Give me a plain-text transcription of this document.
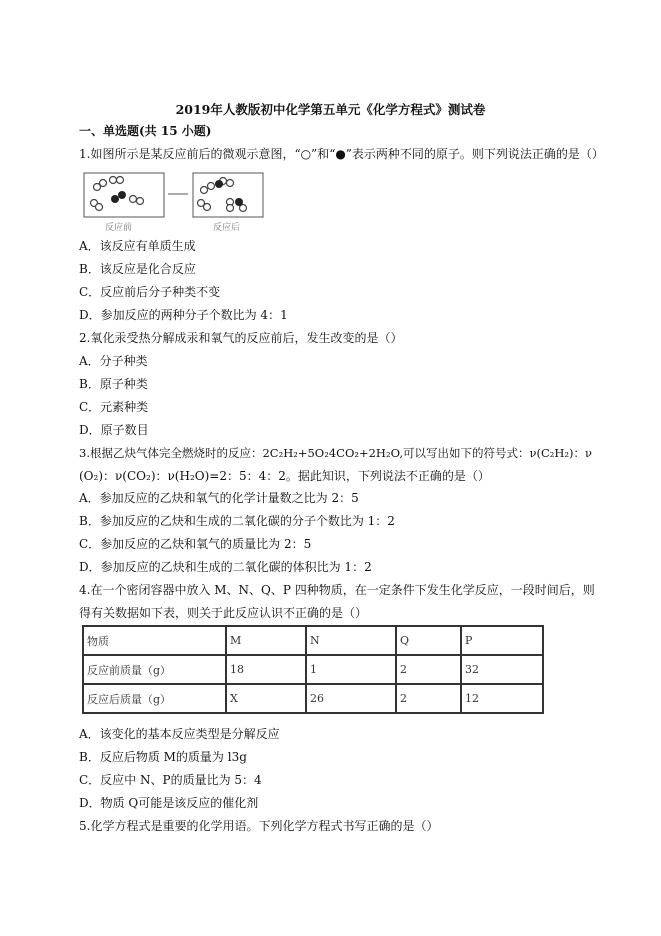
2019年人教版初中化学第五单元《化学方程式》测试卷
一、单选题(共 15 小题)
1.如图所示是某反应前后的微观示意图，“○”和“●”表示两种不同的原子。则下列说法正确的是（）
反应前	反应后
A．该反应有单质生成
B．该反应是化合反应
C．反应前后分子种类不变
D．参加反应的两种分子个数比为 4：1
2.氧化汞受热分解成汞和氧气的反应前后，发生改变的是（）
A．分子种类
B．原子种类
C．元素种类
D．原子数目
3.根据乙炔气体完全燃烧时的反应：2C₂H₂+5O₂4CO₂+2H₂O,可以写出如下的符号式：ν(C₂H₂)：ν
(O₂)：ν(CO₂)：ν(H₂O)=2：5：4：2。据此知识，下列说法不正确的是（）
A．参加反应的乙炔和氧气的化学计量数之比为 2：5
B．参加反应的乙炔和生成的二氧化碳的分子个数比为 1：2
C．参加反应的乙炔和氧气的质量比为 2：5
D．参加反应的乙炔和生成的二氧化碳的体积比为 1：2
4.在一个密闭容器中放入 M、N、Q、P 四种物质，在一定条件下发生化学反应，一段时间后，则
得有关数据如下表，则关于此反应认识不正确的是（）
物质	M	N	Q	P
反应前质量（g）	18	1	2	32
反应后质量（g）	X	26	2	12
A．该变化的基本反应类型是分解反应
B．反应后物质 M的质量为 l3g
C．反应中 N、P的质量比为 5：4
D．物质 Q可能是该反应的催化剂
5.化学方程式是重要的化学用语。下列化学方程式书写正确的是（）
